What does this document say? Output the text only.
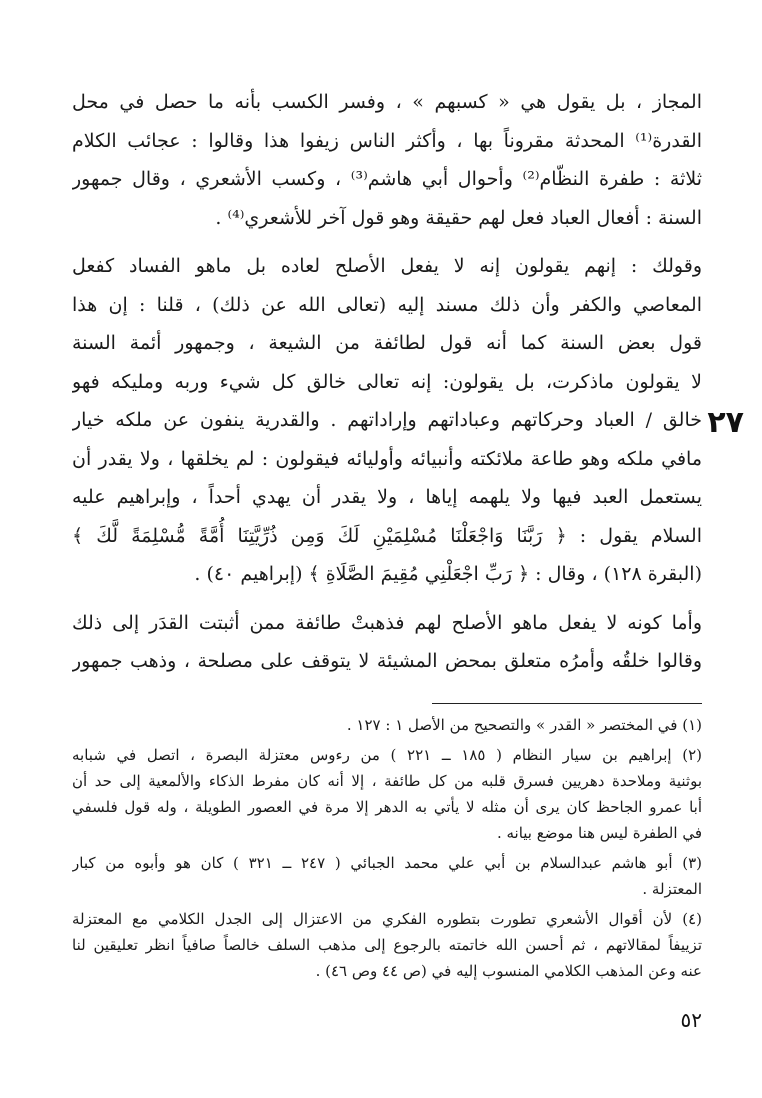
المجاز ، بل يقول هي « كسبهم » ، وفسر الكسب بأنه ما حصل في محل
القدرة⁽¹⁾ المحدثة مقروناً بها ، وأكثر الناس زيفوا هذا وقالوا : عجائب الكلام
ثلاثة : طفرة النظّام⁽²⁾ وأحوال أبي هاشم⁽³⁾ ، وكسب الأشعري ، وقال جمهور
السنة : أفعال العباد فعل لهم حقيقة وهو قول آخر للأشعري⁽⁴⁾ .
وقولك : إنهم يقولون إنه لا يفعل الأصلح لعاده بل ماهو الفساد كفعل
المعاصي والكفر وأن ذلك مسند إليه (تعالى الله عن ذلك) ، قلنا : إن هذا
قول بعض السنة كما أنه قول لطائفة من الشيعة ، وجمهور أئمة السنة
لا يقولون ماذكرت، بل يقولون: إنه تعالى خالق كل شيء وربه ومليكه فهو
خالق / العباد وحركاتهم وعباداتهم وإراداتهم . والقدرية ينفون عن ملكه خيار
مافي ملكه وهو طاعة ملائكته وأنبيائه وأوليائه فيقولون : لم يخلقها ، ولا يقدر أن
يستعمل العبد فيها ولا يلهمه إياها ، ولا يقدر أن يهدي أحداً ، وإبراهيم عليه
السلام يقول : ﴿ رَبَّنَا وَاجْعَلْنَا مُسْلِمَيْنِ لَكَ وَمِن ذُرِّيَّتِنَا أُمَّةً مُّسْلِمَةً لَّكَ ﴾
(البقرة ١٢٨) ، وقال : ﴿ رَبِّ اجْعَلْنِي مُقِيمَ الصَّلَاةِ ﴾ (إبراهيم ٤٠) .
وأما كونه لا يفعل ماهو الأصلح لهم فذهبتْ طائفة ممن أثبتت القدَر إلى ذلك
وقالوا خلقُه وأمرُه متعلق بمحض المشيئة لا يتوقف على مصلحة ، وذهب جمهور
٢٧
(١) في المختصر « القدر » والتصحيح من الأصل ١ : ١٢٧ .
(٢) إبراهيم بن سيار النظام ( ١٨٥ ــ ٢٢١ ) من رءوس معتزلة البصرة ، اتصل في شبابه
بوثنية وملاحدة دهريين فسرق قلبه من كل طائفة ، إلا أنه كان مفرط الذكاء والألمعية إلى حد أن
أبا عمرو الجاحظ كان يرى أن مثله لا يأتي به الدهر إلا مرة في العصور الطويلة ، وله قول فلسفي
في الطفرة ليس هنا موضع بيانه .
(٣) أبو هاشم عبدالسلام بن أبي علي محمد الجبائي ( ٢٤٧ ــ ٣٢١ ) كان هو وأبوه من كبار
المعتزلة .
(٤) لأن أقوال الأشعري تطورت بتطوره الفكري من الاعتزال إلى الجدل الكلامي مع المعتزلة
تزييفاً لمقالاتهم ، ثم أحسن الله خاتمته بالرجوع إلى مذهب السلف خالصاً صافياً انظر تعليقين لنا
عنه وعن المذهب الكلامي المنسوب إليه في (ص ٤٤ وص ٤٦) .
٥٢
